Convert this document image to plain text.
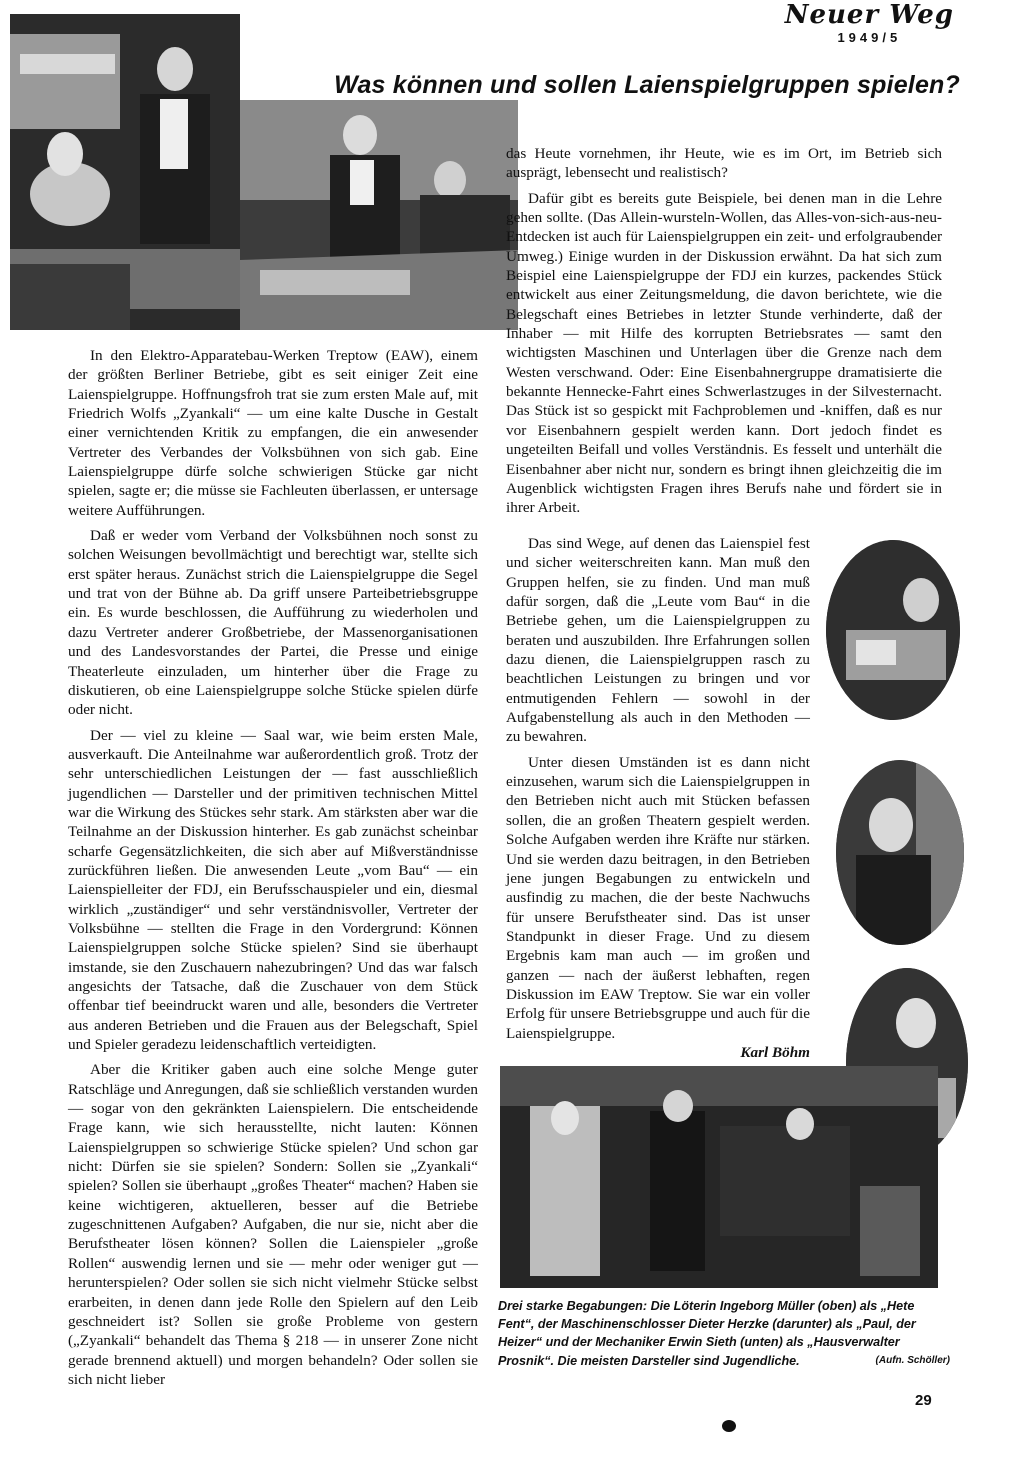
Neuer Weg
1949/5
Was können und sollen Laienspielgruppen spielen?

In den Elektro-Apparatebau-Werken Treptow (EAW), einem der größten Berliner Betriebe, gibt es seit einiger Zeit eine Laienspielgruppe. Hoffnungsfroh trat sie zum ersten Male auf, mit Friedrich Wolfs „Zyankali“ — um eine kalte Dusche in Gestalt einer vernichtenden Kritik zu empfangen, die ein anwesender Vertreter des Verbandes der Volksbühnen von sich gab. Eine Laienspielgruppe dürfe solche schwierigen Stücke gar nicht spielen, sagte er; die müsse sie Fachleuten überlassen, er untersage weitere Aufführungen.

Daß er weder vom Verband der Volksbühnen noch sonst zu solchen Weisungen bevollmächtigt und berechtigt war, stellte sich erst später heraus. Zunächst strich die Laienspielgruppe die Segel und trat von der Bühne ab. Da griff unsere Parteibetriebsgruppe ein. Es wurde beschlossen, die Aufführung zu wiederholen und dazu Vertreter anderer Großbetriebe, der Massenorganisationen und des Landesvorstandes der Partei, die Presse und einige Theaterleute einzuladen, um hinterher über die Frage zu diskutieren, ob eine Laienspielgruppe solche Stücke spielen dürfe oder nicht.

Der — viel zu kleine — Saal war, wie beim ersten Male, ausverkauft. Die Anteilnahme war außerordentlich groß. Trotz der sehr unterschiedlichen Leistungen der — fast ausschließlich jugendlichen — Darsteller und der primitiven technischen Mittel war die Wirkung des Stückes sehr stark. Am stärksten aber war die Teilnahme an der Diskussion hinterher. Es gab zunächst scheinbar scharfe Gegensätzlichkeiten, die sich aber auf Mißverständnisse zurückführen ließen. Die anwesenden Leute „vom Bau“ — ein Laienspielleiter der FDJ, ein Berufsschauspieler und ein, diesmal wirklich „zuständiger“ und sehr verständnisvoller, Vertreter der Volksbühne — stellten die Frage in den Vordergrund: Können Laienspielgruppen solche Stücke spielen? Sind sie überhaupt imstande, sie den Zuschauern nahezubringen? Und das war falsch angesichts der Tatsache, daß die Zuschauer von dem Stück offenbar tief beeindruckt waren und alle, besonders die Vertreter aus anderen Betrieben und die Frauen aus der Belegschaft, Spiel und Spieler geradezu leidenschaftlich verteidigten.

Aber die Kritiker gaben auch eine solche Menge guter Ratschläge und Anregungen, daß sie schließlich verstanden wurden — sogar von den gekränkten Laienspielern. Die entscheidende Frage kann, wie sich herausstellte, nicht lauten: Können Laienspielgruppen so schwierige Stücke spielen? Und schon gar nicht: Dürfen sie sie spielen? Sondern: Sollen sie „Zyankali“ spielen? Sollen sie überhaupt „großes Theater“ machen? Haben sie keine wichtigeren, aktuelleren, besser auf die Betriebe zugeschnittenen Aufgaben? Aufgaben, die nur sie, nicht aber die Berufstheater lösen können? Sollen die Laienspieler „große Rollen“ auswendig lernen und sie — mehr oder weniger gut — herunterspielen? Oder sollen sie sich nicht vielmehr Stücke selbst erarbeiten, in denen dann jede Rolle den Spielern auf den Leib geschneidert ist? Sollen sie große Probleme von gestern („Zyankali“ behandelt das Thema § 218 — in unserer Zone nicht gerade brennend aktuell) und morgen behandeln? Oder sollen sie sich nicht lieber

das Heute vornehmen, ihr Heute, wie es im Ort, im Betrieb sich ausprägt, lebensecht und realistisch?

Dafür gibt es bereits gute Beispiele, bei denen man in die Lehre gehen sollte. (Das Allein-wursteln-Wollen, das Alles-von-sich-aus-neu-Entdecken ist auch für Laienspielgruppen ein zeit- und erfolgraubender Umweg.) Einige wurden in der Diskussion erwähnt. Da hat sich zum Beispiel eine Laienspielgruppe der FDJ ein kurzes, packendes Stück entwickelt aus einer Zeitungsmeldung, die davon berichtete, wie die Belegschaft eines Betriebes in letzter Stunde verhinderte, daß der Inhaber — mit Hilfe des korrupten Betriebsrates — samt den wichtigsten Maschinen und Unterlagen über die Grenze nach dem Westen verschwand. Oder: Eine Eisenbahnergruppe dramatisierte die bekannte Hennecke-Fahrt eines Schwerlastzuges in der Silvesternacht. Das Stück ist so gespickt mit Fachproblemen und -kniffen, daß es nur vor Eisenbahnern gespielt werden kann. Dort jedoch findet es ungeteilten Beifall und volles Verständnis. Es fesselt und unterhält die Eisenbahner aber nicht nur, sondern es bringt ihnen gleichzeitig die im Augenblick wichtigsten Fragen ihres Berufs nahe und fördert sie in ihrer Arbeit.

Das sind Wege, auf denen das Laienspiel fest und sicher weiterschreiten kann. Man muß den Gruppen helfen, sie zu finden. Und man muß dafür sorgen, daß die „Leute vom Bau“ in die Betriebe gehen, um die Laienspielgruppen zu beraten und auszubilden. Ihre Erfahrungen sollen dazu dienen, die Laienspielgruppen rasch zu beachtlichen Leistungen zu bringen und vor entmutigenden Fehlern — sowohl in der Aufgabenstellung als auch in den Methoden — zu bewahren.

Unter diesen Umständen ist es dann nicht einzusehen, warum sich die Laienspielgruppen in den Betrieben nicht auch mit Stücken befassen sollen, die an großen Theatern gespielt werden. Solche Aufgaben werden ihre Kräfte nur stärken. Und sie werden dazu beitragen, in den Betrieben jene jungen Begabungen zu entwickeln und ausfindig zu machen, die der beste Nachwuchs für unsere Berufstheater sind. Das ist unser Standpunkt in dieser Frage. Und zu diesem Ergebnis kam man auch — im großen und ganzen — nach der äußerst lebhaften, regen Diskussion im EAW Treptow. Sie war ein voller Erfolg für unsere Betriebsgruppe und auch für die Laienspielgruppe.

Karl Böhm

Drei starke Begabungen: Die Löterin Ingeborg Müller (oben) als „Hete Fent“, der Maschinenschlosser Dieter Herzke (darunter) als „Paul, der Heizer“ und der Mechaniker Erwin Sieth (unten) als „Hausverwalter Prosnik“. Die meisten Darsteller sind Jugendliche.	(Aufn. Schöller)
29
